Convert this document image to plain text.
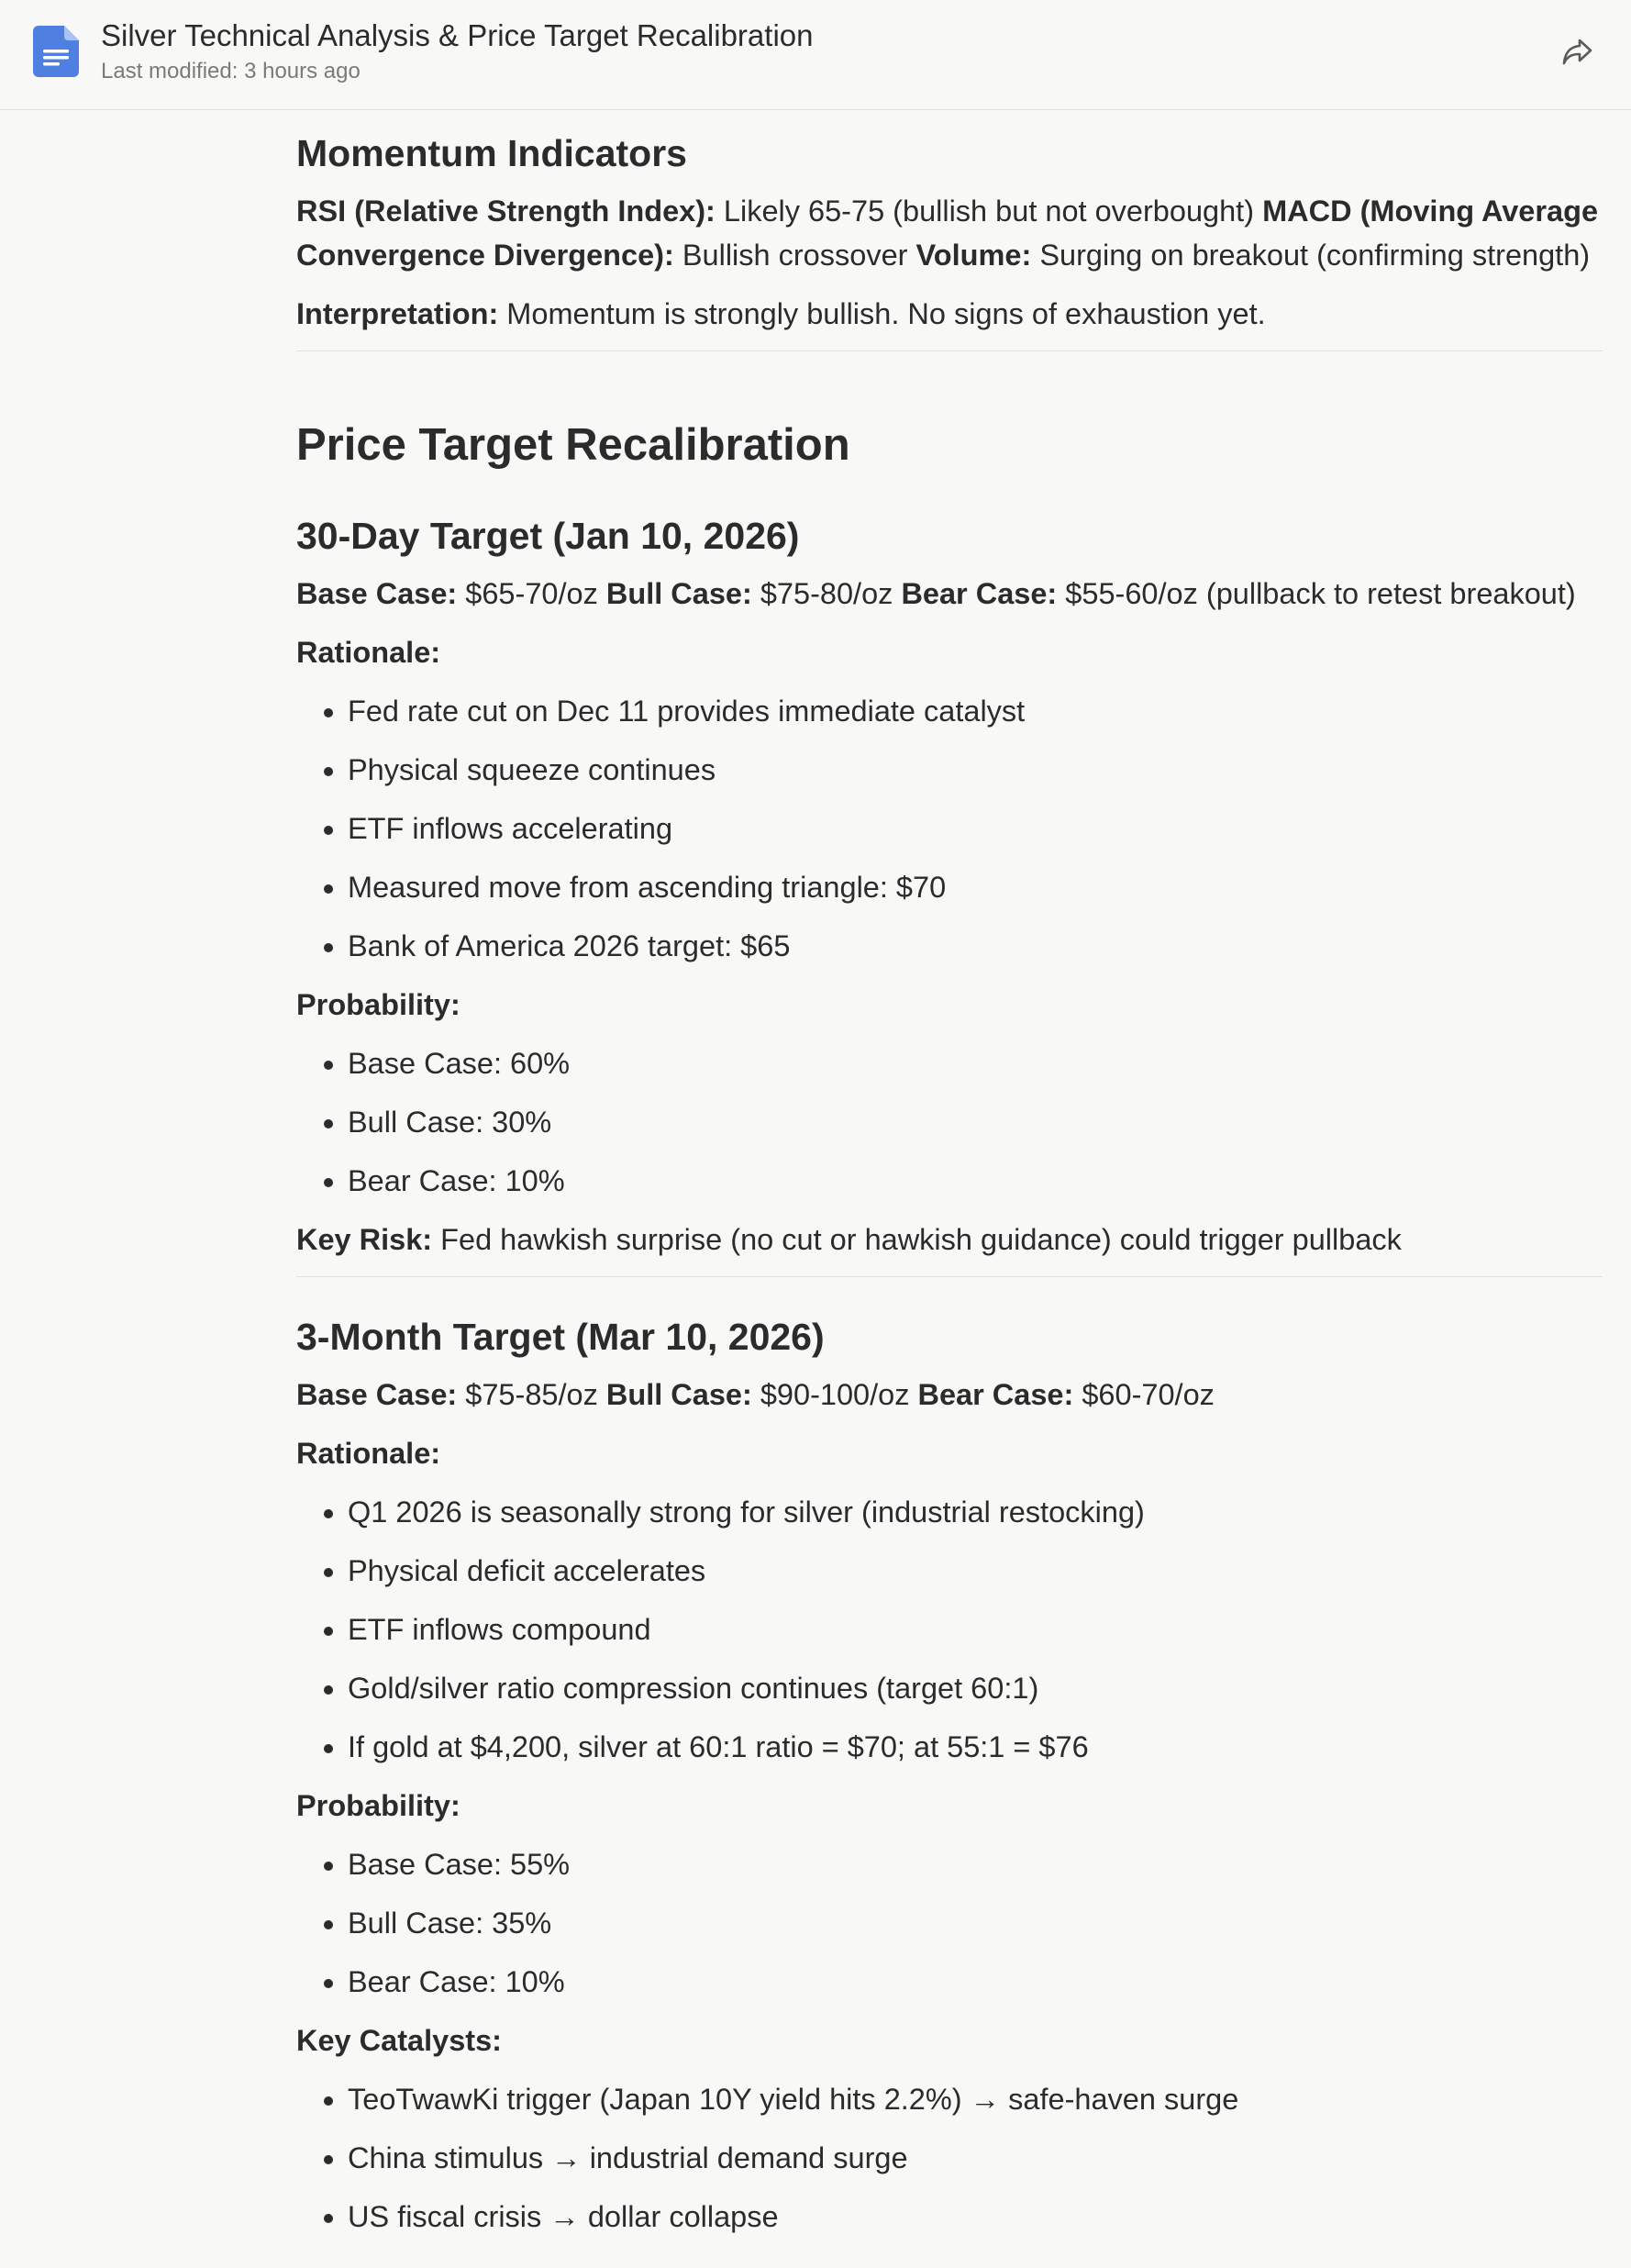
Silver Technical Analysis & Price Target Recalibration
Last modified: 3 hours ago
Momentum Indicators

RSI (Relative Strength Index): Likely 65-75 (bullish but not overbought) MACD (Moving Average Convergence Divergence): Bullish crossover Volume: Surging on breakout (confirming strength)

Interpretation: Momentum is strongly bullish. No signs of exhaustion yet.

Price Target Recalibration
30-Day Target (Jan 10, 2026)

Base Case: $65-70/oz Bull Case: $75-80/oz Bear Case: $55-60/oz (pullback to retest breakout)

Rationale:

• Fed rate cut on Dec 11 provides immediate catalyst
• Physical squeeze continues
• ETF inflows accelerating
• Measured move from ascending triangle: $70
• Bank of America 2026 target: $65

Probability:

• Base Case: 60%
• Bull Case: 30%
• Bear Case: 10%

Key Risk: Fed hawkish surprise (no cut or hawkish guidance) could trigger pullback

3-Month Target (Mar 10, 2026)

Base Case: $75-85/oz Bull Case: $90-100/oz Bear Case: $60-70/oz

Rationale:

• Q1 2026 is seasonally strong for silver (industrial restocking)
• Physical deficit accelerates
• ETF inflows compound
• Gold/silver ratio compression continues (target 60:1)
• If gold at $4,200, silver at 60:1 ratio = $70; at 55:1 = $76

Probability:

• Base Case: 55%
• Bull Case: 35%
• Bear Case: 10%

Key Catalysts:

• TeoTwawKi trigger (Japan 10Y yield hits 2.2%) → safe-haven surge
• China stimulus → industrial demand surge
• US fiscal crisis → dollar collapse
